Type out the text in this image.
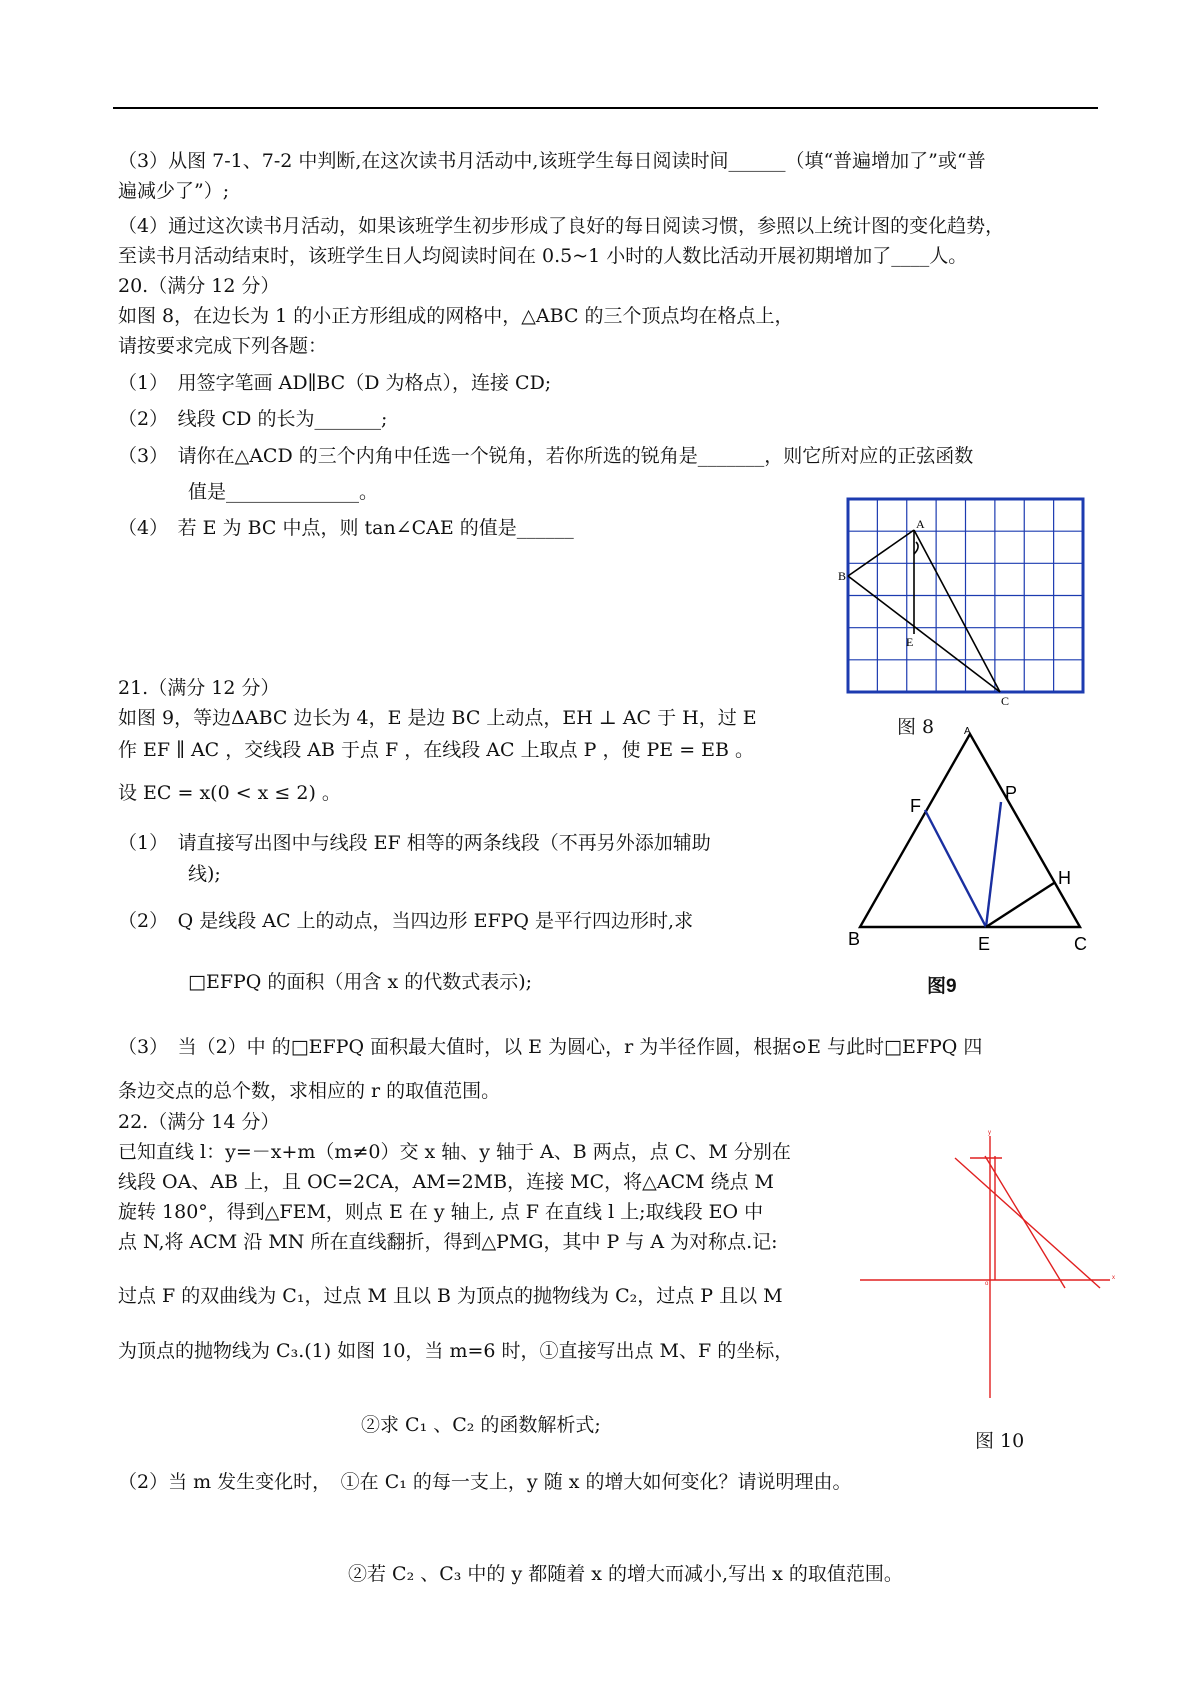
（3）从图 7-1、7-2 中判断,在这次读书月活动中,该班学生每日阅读时间______（填“普遍增加了”或“普
遍减少了”）;
（4）通过这次读书月活动，如果该班学生初步形成了良好的每日阅读习惯，参照以上统计图的变化趋势，
至读书月活动结束时，该班学生日人均阅读时间在 0.5~1 小时的人数比活动开展初期增加了____人。
20.（满分 12 分）
如图 8，在边长为 1 的小正方形组成的网格中，△ABC 的三个顶点均在格点上，
请按要求完成下列各题：
（1）　用签字笔画 AD∥BC（D 为格点），连接 CD;
（2）　线段 CD 的长为_______;
（3）　请你在△ACD 的三个内角中任选一个锐角，若你所选的锐角是_______，则它所对应的正弦函数
值是______________。
（4）　若 E 为 BC 中点，则 tan∠CAE 的值是______	A
B
C
E
图 8
21.（满分 12 分）
如图 9，等边ΔABC 边长为 4，E 是边 BC 上动点，EH ⊥ AC 于 H，过 E
作 EF ∥ AC ，交线段 AB 于点 F ，在线段 AC 上取点 P ，使 PE = EB 。
设 EC = x(0 < x ≤ 2) 。
（1）　请直接写出图中与线段 EF 相等的两条线段（不再另外添加辅助
线);
（2）　Q 是线段 AC 上的动点，当四边形 EFPQ 是平行四边形时,求
□EFPQ 的面积（用含 x 的代数式表示);
（3）　当（2）中 的□EFPQ 面积最大值时，以 E 为圆心，r 为半径作圆，根据⊙E 与此时□EFPQ 四
条边交点的总个数，求相应的 r 的取值范围。
A
F
P
H
B	E	C
图9
22.（满分 14 分）
已知直线 l：y=－x+m（m≠0）交 x 轴、y 轴于 A、B 两点，点 C、M 分别在
线段 OA、AB 上，且 OC=2CA，AM=2MB，连接 MC，将△ACM 绕点 M
旋转 180°，得到△FEM，则点 E 在 y 轴上, 点 F 在直线 l 上;取线段 EO 中
点 N,将 ACM 沿 MN 所在直线翻折，得到△PMG，其中 P 与 A 为对称点.记:
过点 F 的双曲线为 C₁，过点 M 且以 B 为顶点的抛物线为 C₂，过点 P 且以 M
为顶点的抛物线为 C₃.(1) 如图 10，当 m=6 时，①直接写出点 M、F 的坐标，
②求 C₁ 、C₂ 的函数解析式;
（2）当 m 发生变化时，　①在 C₁ 的每一支上，y 随 x 的增大如何变化？请说明理由。
②若 C₂ 、C₃ 中的 y 都随着 x 的增大而减小,写出 x 的取值范围。
y
x
o
图 10
